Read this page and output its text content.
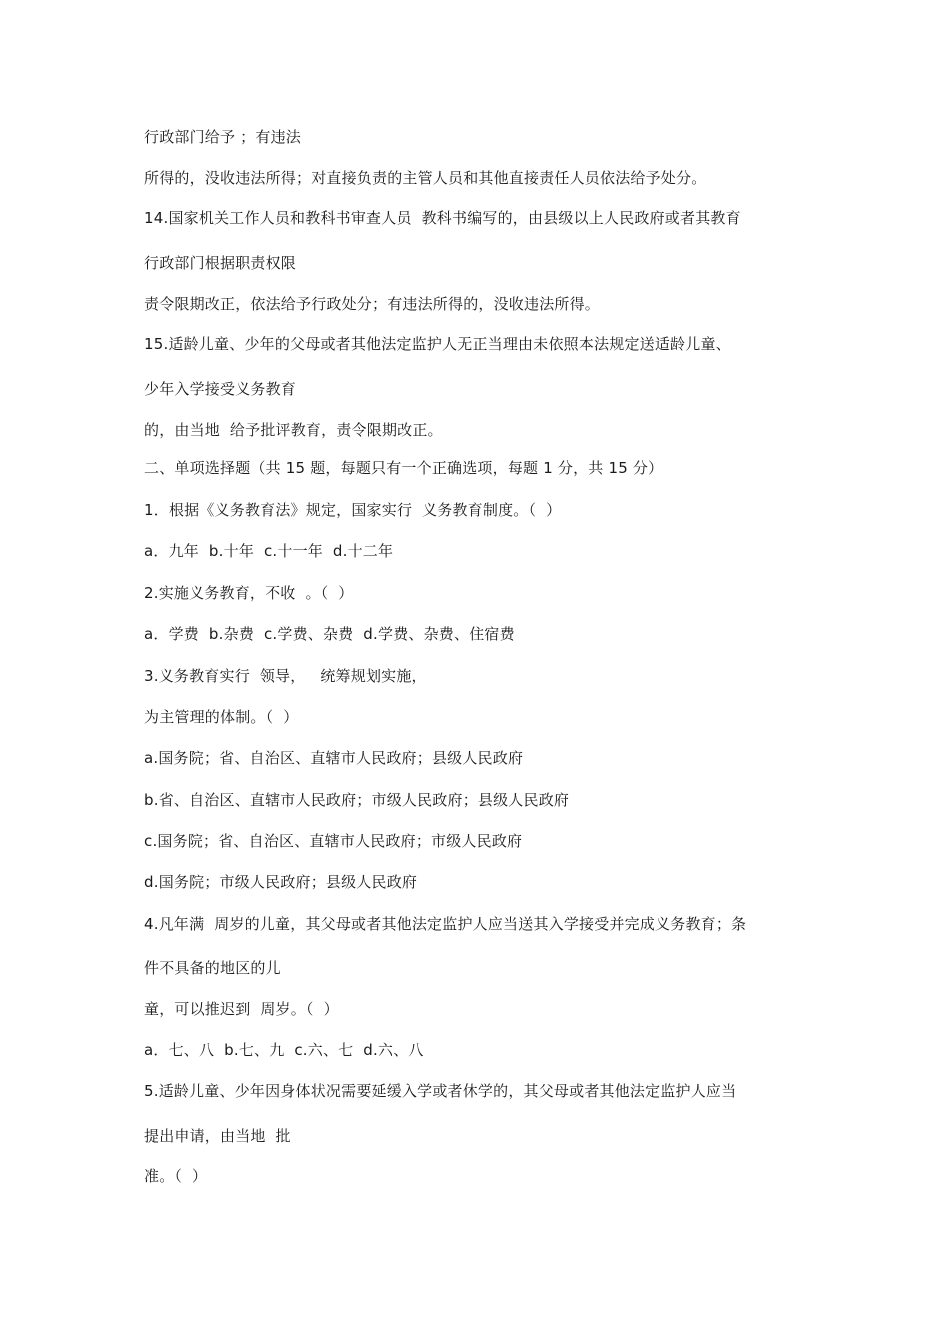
行政部门给予 ；有违法
所得的，没收违法所得；对直接负责的主管人员和其他直接责任人员依法给予处分。
14.国家机关工作人员和教科书审查人员  教科书编写的，由县级以上人民政府或者其教育
行政部门根据职责权限
责令限期改正，依法给予行政处分；有违法所得的，没收违法所得。
15.适龄儿童、少年的父母或者其他法定监护人无正当理由未依照本法规定送适龄儿童、
少年入学接受义务教育
的，由当地  给予批评教育，责令限期改正。
二、单项选择题（共 15 题，每题只有一个正确选项，每题 1 分，共 15 分）
1．根据《义务教育法》规定，国家实行  义务教育制度。（  ）
a．九年  b.十年  c.十一年  d.十二年
2.实施义务教育，不收  。（  ）
a．学费  b.杂费  c.学费、杂费  d.学费、杂费、住宿费
3.义务教育实行  领导，   统筹规划实施，
为主管理的体制。（  ）
a.国务院；省、自治区、直辖市人民政府；县级人民政府
b.省、自治区、直辖市人民政府；市级人民政府；县级人民政府
c.国务院；省、自治区、直辖市人民政府；市级人民政府
d.国务院；市级人民政府；县级人民政府
4.凡年满  周岁的儿童，其父母或者其他法定监护人应当送其入学接受并完成义务教育；条
件不具备的地区的儿
童，可以推迟到  周岁。（  ）
a．七、八  b.七、九  c.六、七  d.六、八
5.适龄儿童、少年因身体状况需要延缓入学或者休学的，其父母或者其他法定监护人应当
提出申请，由当地  批
准。（  ）
